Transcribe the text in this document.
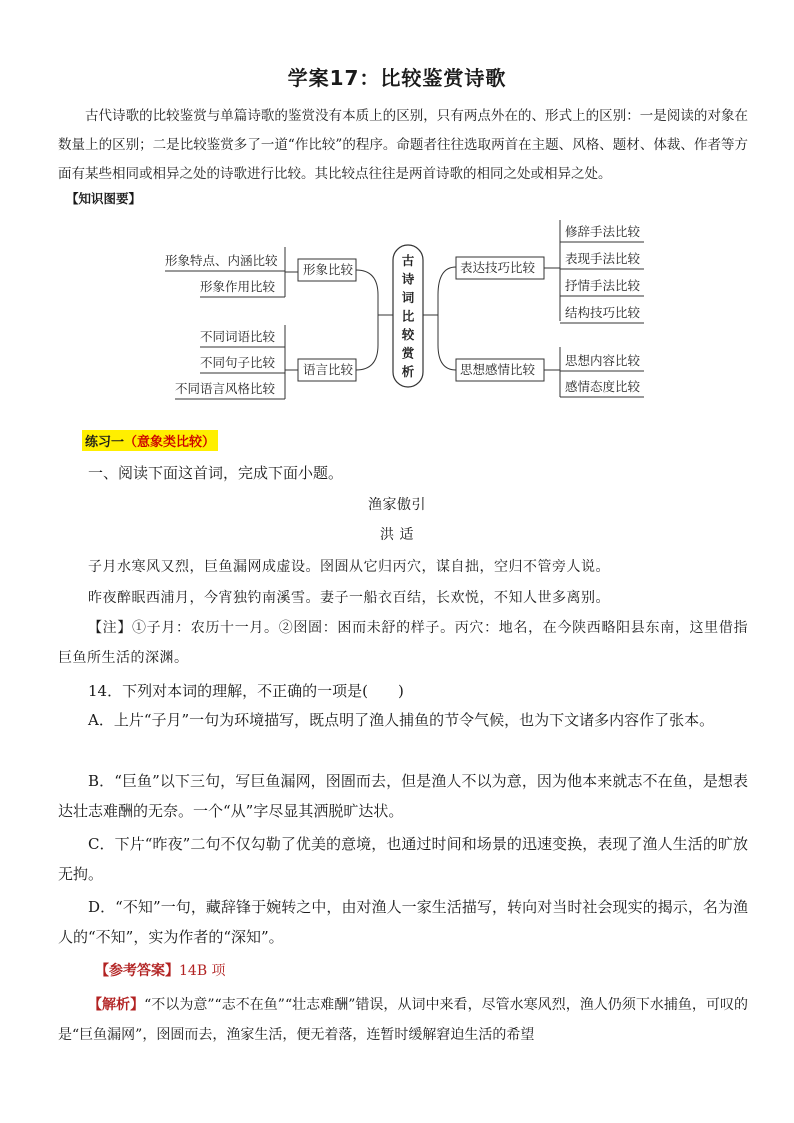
学案17：比较鉴赏诗歌
古代诗歌的比较鉴赏与单篇诗歌的鉴赏没有本质上的区别，只有两点外在的、形式上的区别：一是阅读的对象在数量上的区别；二是比较鉴赏多了一道“作比较”的程序。命题者往往选取两首在主题、风格、题材、体裁、作者等方面有某些相同或相异之处的诗歌进行比较。其比较点往往是两首诗歌的相同之处或相异之处。
【知识图要】
古
诗
词
比
较
赏
析
形象特点、内涵比较
形象作用比较
形象比较
不同词语比较
不同句子比较
不同语言风格比较
语言比较
表达技巧比较
修辞手法比较
表现手法比较
抒情手法比较
结构技巧比较
思想感情比较
思想内容比较
感情态度比较
练习一（意象类比较）
一、阅读下面这首词，完成下面小题。
渔家傲引
洪 适
子月水寒风又烈，巨鱼漏网成虚设。囹圄从它归丙穴，谋自拙，空归不管旁人说。
昨夜醉眠西浦月，今宵独钓南溪雪。妻子一船衣百结，长欢悦，不知人世多离别。
【注】①子月：农历十一月。②囹圄：困而未舒的样子。丙穴：地名，在今陕西略阳县东南，这里借指巨鱼所生活的深渊。
14．下列对本词的理解，不正确的一项是(　　)
A．上片“子月”一句为环境描写，既点明了渔人捕鱼的节令气候，也为下文诸多内容作了张本。
B．“巨鱼”以下三句，写巨鱼漏网，囹圄而去，但是渔人不以为意，因为他本来就志不在鱼，是想表达壮志难酬的无奈。一个“从”字尽显其洒脱旷达状。
C．下片“昨夜”二句不仅勾勒了优美的意境，也通过时间和场景的迅速变换，表现了渔人生活的旷放无拘。
D．“不知”一句，藏辞锋于婉转之中，由对渔人一家生活描写，转向对当时社会现实的揭示，名为渔人的“不知”，实为作者的“深知”。
【参考答案】14B 项
【解析】“不以为意”“志不在鱼”“壮志难酬”错误，从词中来看，尽管水寒风烈，渔人仍须下水捕鱼，可叹的是“巨鱼漏网”，囹圄而去，渔家生活，便无着落，连暂时缓解窘迫生活的希望
